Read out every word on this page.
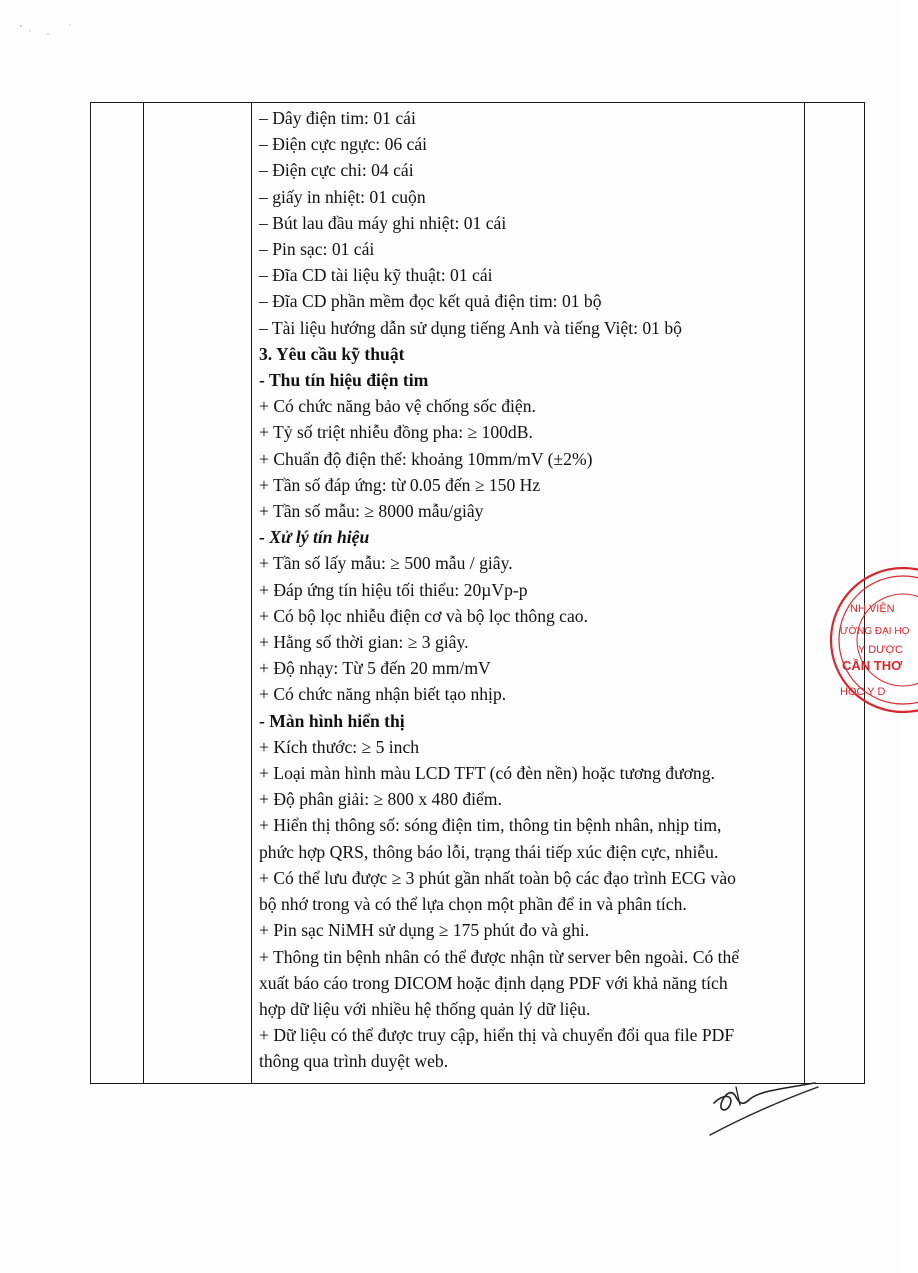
– Dây điện tim: 01 cái
– Điện cực ngực: 06 cái
– Điện cực chi: 04 cái
– giấy in nhiệt: 01 cuộn
– Bút lau đầu máy ghi nhiệt: 01 cái
– Pin sạc: 01 cái
– Đĩa CD tài liệu kỹ thuật: 01 cái
– Đĩa CD phần mềm đọc kết quả điện tim: 01 bộ
– Tài liệu hướng dẫn sử dụng tiếng Anh và tiếng Việt: 01 bộ
3. Yêu cầu kỹ thuật
- Thu tín hiệu điện tim
+ Có chức năng bảo vệ chống sốc điện.
+ Tỷ số triệt nhiễu đồng pha: ≥ 100dB.
+ Chuẩn độ điện thế: khoảng 10mm/mV (±2%)
+ Tần số đáp ứng: từ 0.05 đến ≥ 150 Hz
+ Tần số mẫu: ≥ 8000 mẫu/giây
- Xử lý tín hiệu
+ Tần số lấy mẫu: ≥ 500 mẫu / giây.
+ Đáp ứng tín hiệu tối thiểu: 20µVp-p
+ Có bộ lọc nhiễu điện cơ và bộ lọc thông cao.
+ Hằng số thời gian: ≥ 3 giây.
+ Độ nhạy: Từ 5 đến 20 mm/mV
+ Có chức năng nhận biết tạo nhịp.
- Màn hình hiển thị
+ Kích thước: ≥ 5 inch
+ Loại màn hình màu LCD TFT (có đèn nền) hoặc tương đương.
+ Độ phân giải: ≥ 800 x 480 điểm.
+ Hiển thị thông số: sóng điện tim, thông tin bệnh nhân, nhịp tim,
phức hợp QRS, thông báo lỗi, trạng thái tiếp xúc điện cực, nhiễu.
+ Có thể lưu được ≥ 3 phút gần nhất toàn bộ các đạo trình ECG vào
bộ nhớ trong và có thể lựa chọn một phần để in và phân tích.
+ Pin sạc NiMH sử dụng ≥ 175 phút đo và ghi.
+ Thông tin bệnh nhân có thể được nhận từ server bên ngoài. Có thể
xuất báo cáo trong DICOM hoặc định dạng PDF với khả năng tích
hợp dữ liệu với nhiều hệ thống quản lý dữ liệu.
+ Dữ liệu có thể được truy cập, hiển thị và chuyển đổi qua file PDF
thông qua trình duyệt web.
NH VIỆN
ƯỜNG ĐẠI HỌ
Y DƯỢC
CẦN THƠ
HỌC Y D
